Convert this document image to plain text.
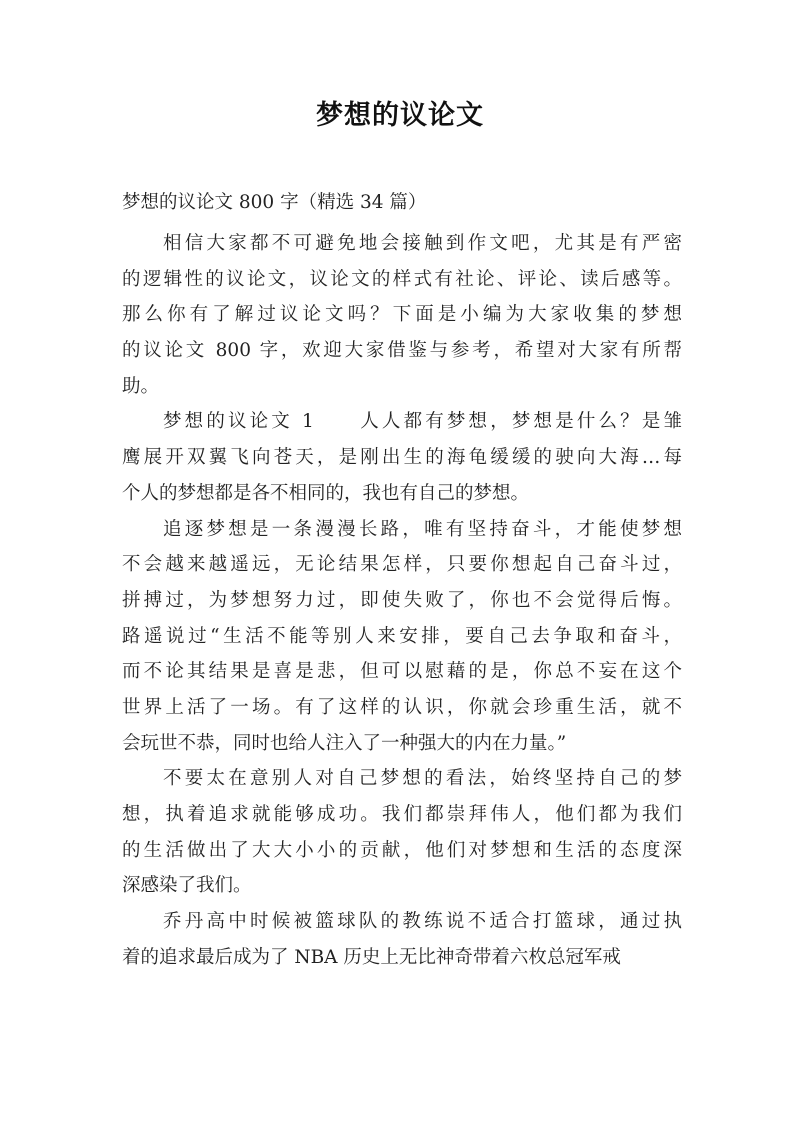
梦想的议论文
梦想的议论文 800 字（精选 34 篇）

相信大家都不可避免地会接触到作文吧，尤其是有严密
的逻辑性的议论文，议论文的样式有社论、评论、读后感等。
那么你有了解过议论文吗？下面是小编为大家收集的梦想
的议论文 800 字，欢迎大家借鉴与参考，希望对大家有所帮
助。

梦想的议论文 1　　人人都有梦想，梦想是什么？是雏
鹰展开双翼飞向苍天，是刚出生的海龟缓缓的驶向大海…每
个人的梦想都是各不相同的，我也有自己的梦想。

追逐梦想是一条漫漫长路，唯有坚持奋斗，才能使梦想
不会越来越遥远，无论结果怎样，只要你想起自己奋斗过，
拼搏过，为梦想努力过，即使失败了，你也不会觉得后悔。
路遥说过“生活不能等别人来安排，要自己去争取和奋斗，
而不论其结果是喜是悲，但可以慰藉的是，你总不妄在这个
世界上活了一场。有了这样的认识，你就会珍重生活，就不
会玩世不恭，同时也给人注入了一种强大的内在力量。”

不要太在意别人对自己梦想的看法，始终坚持自己的梦
想，执着追求就能够成功。我们都崇拜伟人，他们都为我们
的生活做出了大大小小的贡献，他们对梦想和生活的态度深
深感染了我们。

乔丹高中时候被篮球队的教练说不适合打篮球，通过执
着的追求最后成为了 NBA 历史上无比神奇带着六枚总冠军戒
